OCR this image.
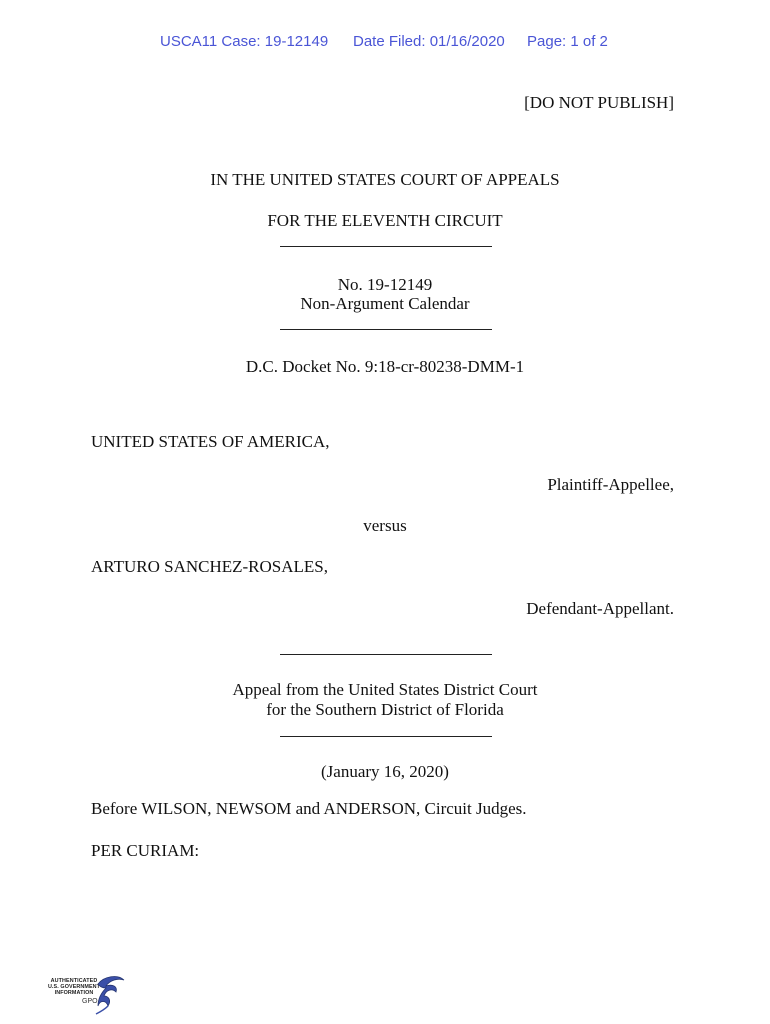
USCA11 Case: 19-12149 Date Filed: 01/16/2020 Page: 1 of 2
[DO NOT PUBLISH]
IN THE UNITED STATES COURT OF APPEALS
FOR THE ELEVENTH CIRCUIT
No. 19-12149
Non-Argument Calendar
D.C. Docket No. 9:18-cr-80238-DMM-1
UNITED STATES OF AMERICA,
Plaintiff-Appellee,
versus
ARTURO SANCHEZ-ROSALES,
Defendant-Appellant.
Appeal from the United States District Court
for the Southern District of Florida
(January 16, 2020)
Before WILSON, NEWSOM and ANDERSON, Circuit Judges.
PER CURIAM:
AUTHENTICATED
U.S. GOVERNMENT
INFORMATION
GPO
